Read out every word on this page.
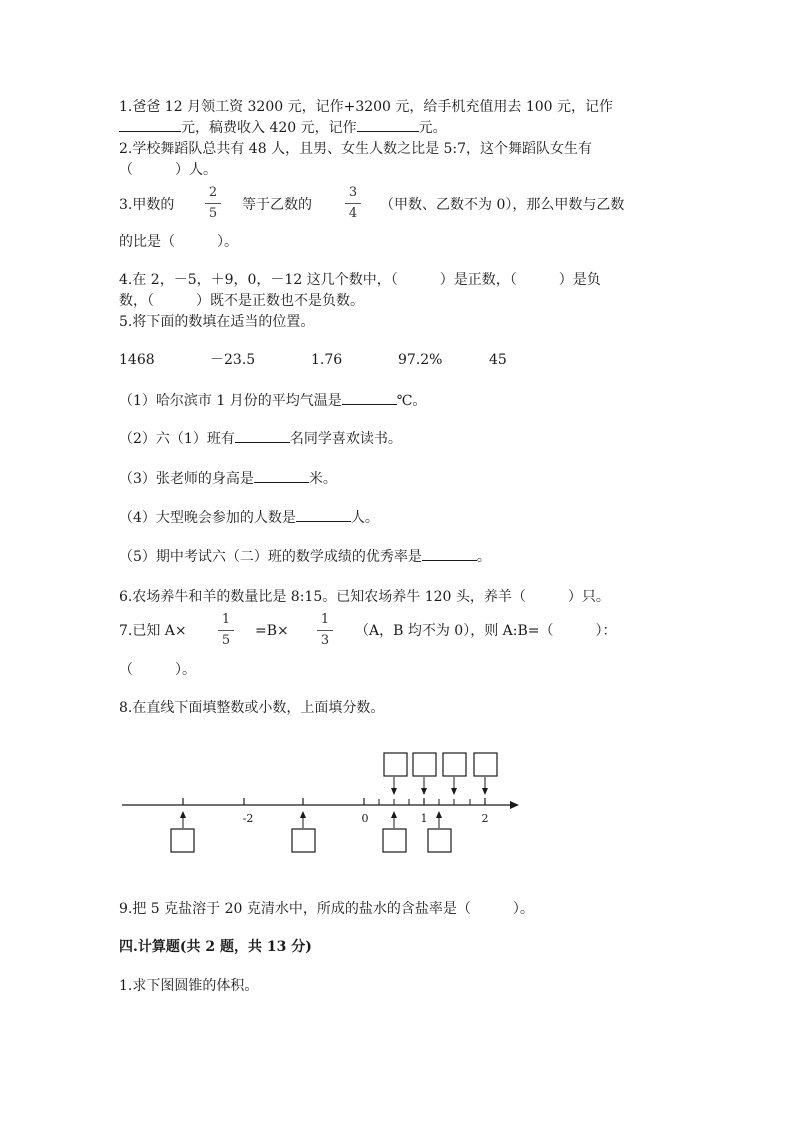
1.爸爸 12 月领工资 3200 元，记作+3200 元，给手机充值用去 100 元，记作
元，稿费收入 420 元，记作	元。
2.学校舞蹈队总共有 48 人，且男、女生人数之比是 5:7，这个舞蹈队女生有
（　　　）人。
3.甲数的
2
5
等于乙数的
3
4
（甲数、乙数不为 0），那么甲数与乙数
的比是（　　　）。
4.在 2，－5，＋9，0，－12 这几个数中，（　　　）是正数，（　　　）是负
数，（　　　）既不是正数也不是负数。
5.将下面的数填在适当的位置。
1468	－23.5	1.76	97.2%	45
（1）哈尔滨市 1 月份的平均气温是	℃。
（2）六（1）班有	名同学喜欢读书。
（3）张老师的身高是	米。
（4）大型晚会参加的人数是	人。
（5）期中考试六（二）班的数学成绩的优秀率是	。
6.农场养牛和羊的数量比是 8:15。已知农场养牛 120 头，养羊（　　　）只。
7.已知 A×
1
5
=B×
1
3
（A，B 均不为 0），则 A:B=（　　　）：
（　　　）。
8.在直线下面填整数或小数，上面填分数。
-2	0	1	2
9.把 5 克盐溶于 20 克清水中，所成的盐水的含盐率是（　　　）。
四.计算题(共 2 题，共 13 分)
1.求下图圆锥的体积。
